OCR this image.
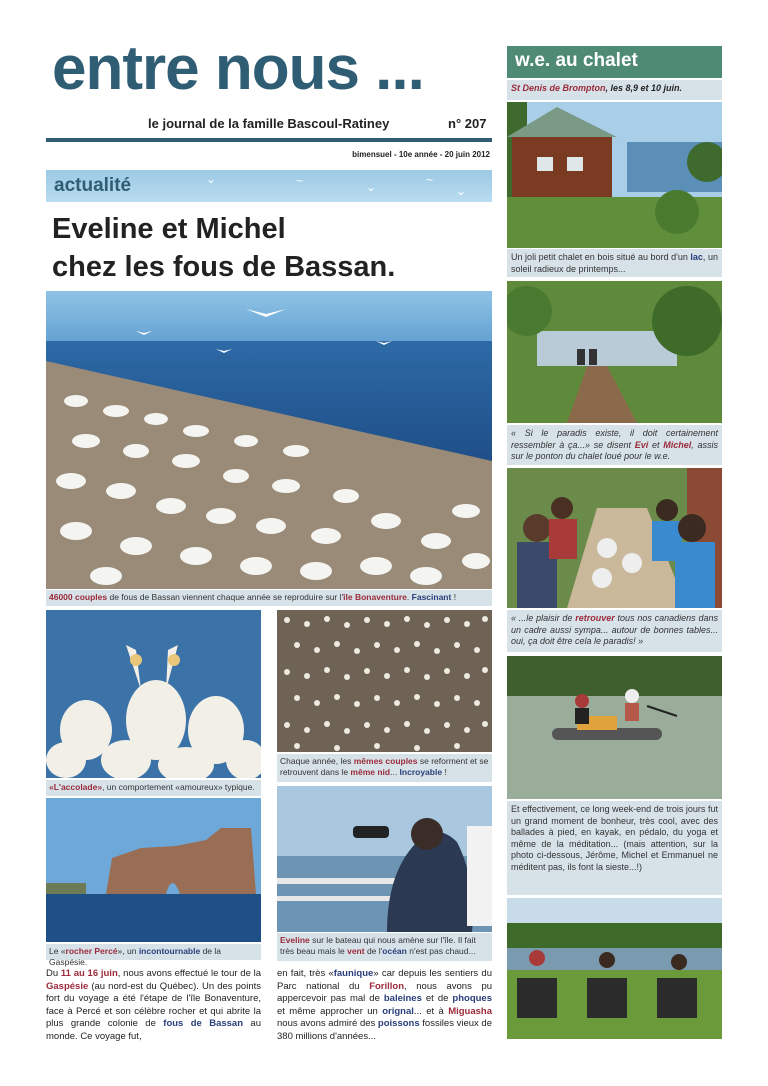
entre nous ...
le journal de la famille Bascoul-Ratiney	n° 207
bimensuel - 10e année - 20 juin 2012
actualité	⌄	~	⌄	~
⌄
Eveline et Michel
chez les fous de Bassan.
46000 couples de fous de Bassan viennent chaque année se reproduire sur l'île Bonaventure. Fascinant !
«L'accolade», un comportement «amoureux» typique.
Chaque année, les mêmes couples se reforment et se retrouvent dans le même nid... Incroyable !
Le «rocher Percé», un incontournable de la Gaspésie.
Eveline sur le bateau qui nous amène sur l'île. Il fait très beau mais le vent de l'océan n'est pas chaud...
Du 11 au 16 juin, nous avons effectué le tour de la Gaspésie (au nord-est du Québec). Un des points fort du voyage a été l'étape de l'île Bonaventure, face à Percé et son célèbre rocher et qui abrite la plus grande colonie de fous de Bassan au monde. Ce voyage fut,
en fait, très «faunique» car depuis les sentiers du Parc national du Forillon, nous avons pu appercevoir pas mal de baleines et de phoques et même approcher un orignal... et à Miguasha nous avons admiré des poissons fossiles vieux de 380 millions d'années...
w.e. au chalet
St Denis de Brompton, les 8,9 et 10 juin.
Un joli petit chalet en bois situé au bord d'un lac, un soleil radieux de printemps...
« Si le paradis existe, il doit certainement ressembler à ça...» se disent Evi et Michel, assis sur le ponton du chalet loué pour le w.e.
« ...le plaisir de retrouver tous nos canadiens dans un cadre aussi sympa... autour de bonnes tables... oui, ça doit être cela le paradis! »
Et effectivement, ce long week-end de trois jours fut un grand moment de bonheur, très cool, avec des ballades à pied, en kayak, en pédalo, du yoga et même de la méditation... (mais attention, sur la photo ci-dessous, Jérôme, Michel et Emmanuel ne méditent pas, ils font la sieste...!)
